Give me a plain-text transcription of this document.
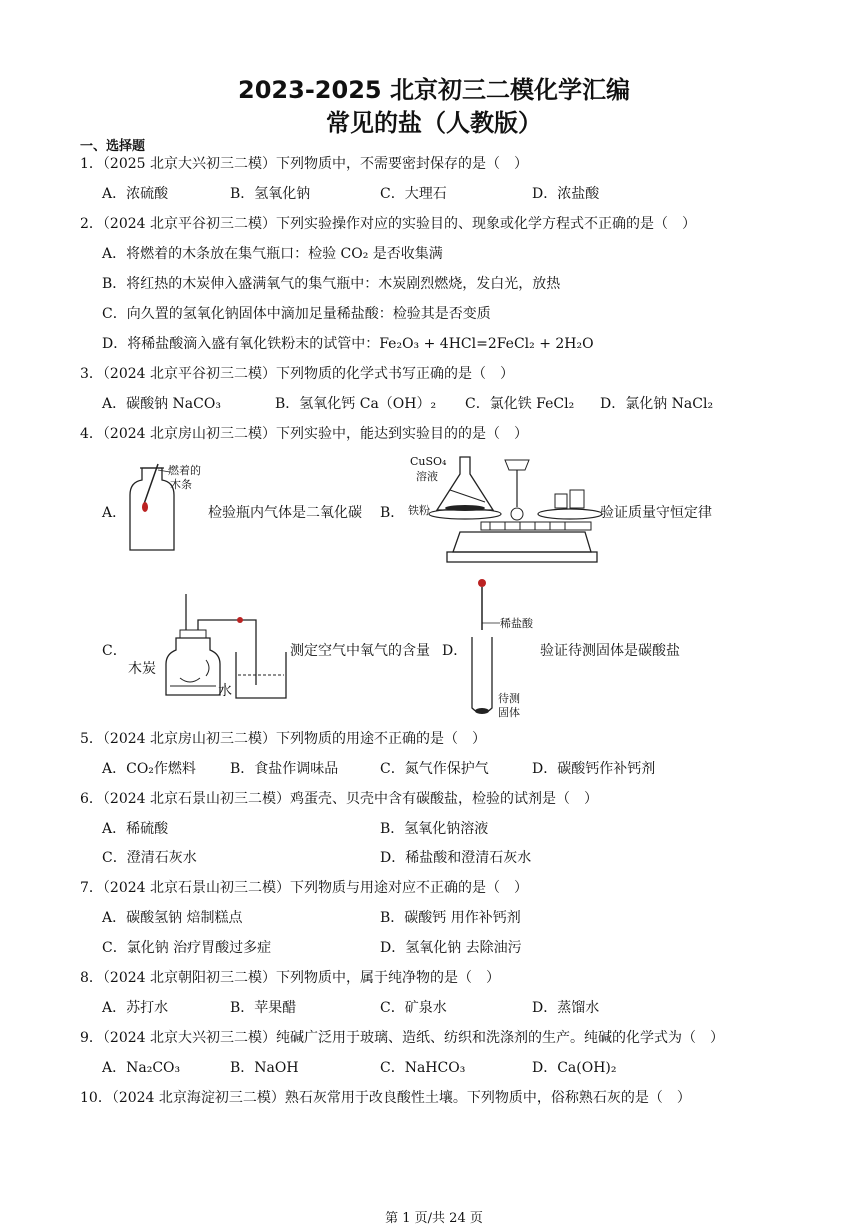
2023-2025 北京初三二模化学汇编
常见的盐（人教版）
一、选择题
1．（2025 北京大兴初三二模）下列物质中，不需要密封保存的是（　）
A．浓硫酸	B．氢氧化钠	C．大理石	D．浓盐酸
2．（2024 北京平谷初三二模）下列实验操作对应的实验目的、现象或化学方程式不正确的是（　）
A．将燃着的木条放在集气瓶口：检验 CO₂ 是否收集满
B．将红热的木炭伸入盛满氧气的集气瓶中：木炭剧烈燃烧，发白光，放热
C．向久置的氢氧化钠固体中滴加足量稀盐酸：检验其是否变质
D．将稀盐酸滴入盛有氧化铁粉末的试管中：Fe₂O₃ + 4HCl=2FeCl₂ + 2H₂O
3．（2024 北京平谷初三二模）下列物质的化学式书写正确的是（　）
A．碳酸钠 NaCO₃	B．氢氧化钙 Ca（OH）₂ C．氯化铁 FeCl₂ D．氯化钠 NaCl₂
4．（2024 北京房山初三二模）下列实验中，能达到实验目的的是（　）
A．
燃着的
木条
检验瓶内气体是二氧化碳 B．
CuSO₄
溶液
铁粉	验证质量守恒定律
C．
木炭
水
测定空气中氧气的含量 D．
稀盐酸
待测
固体
验证待测固体是碳酸盐
5．（2024 北京房山初三二模）下列物质的用途不正确的是（　）
A．CO₂作燃料 B．食盐作调味品	C．氮气作保护气	D．碳酸钙作补钙剂
6．（2024 北京石景山初三二模）鸡蛋壳、贝壳中含有碳酸盐，检验的试剂是（　）
A．稀硫酸	B．氢氧化钠溶液
C．澄清石灰水	D．稀盐酸和澄清石灰水
7．（2024 北京石景山初三二模）下列物质与用途对应不正确的是（　）
A．碳酸氢钠 焙制糕点	B．碳酸钙 用作补钙剂
C．氯化钠 治疗胃酸过多症	D．氢氧化钠 去除油污
8．（2024 北京朝阳初三二模）下列物质中，属于纯净物的是（　）
A．苏打水	B．苹果醋	C．矿泉水	D．蒸馏水
9．（2024 北京大兴初三二模）纯碱广泛用于玻璃、造纸、纺织和洗涤剂的生产。纯碱的化学式为（　）
A．Na₂CO₃	B．NaOH	C．NaHCO₃	D．Ca(OH)₂
10．（2024 北京海淀初三二模）熟石灰常用于改良酸性土壤。下列物质中，俗称熟石灰的是（　）
第 1 页/共 24 页
